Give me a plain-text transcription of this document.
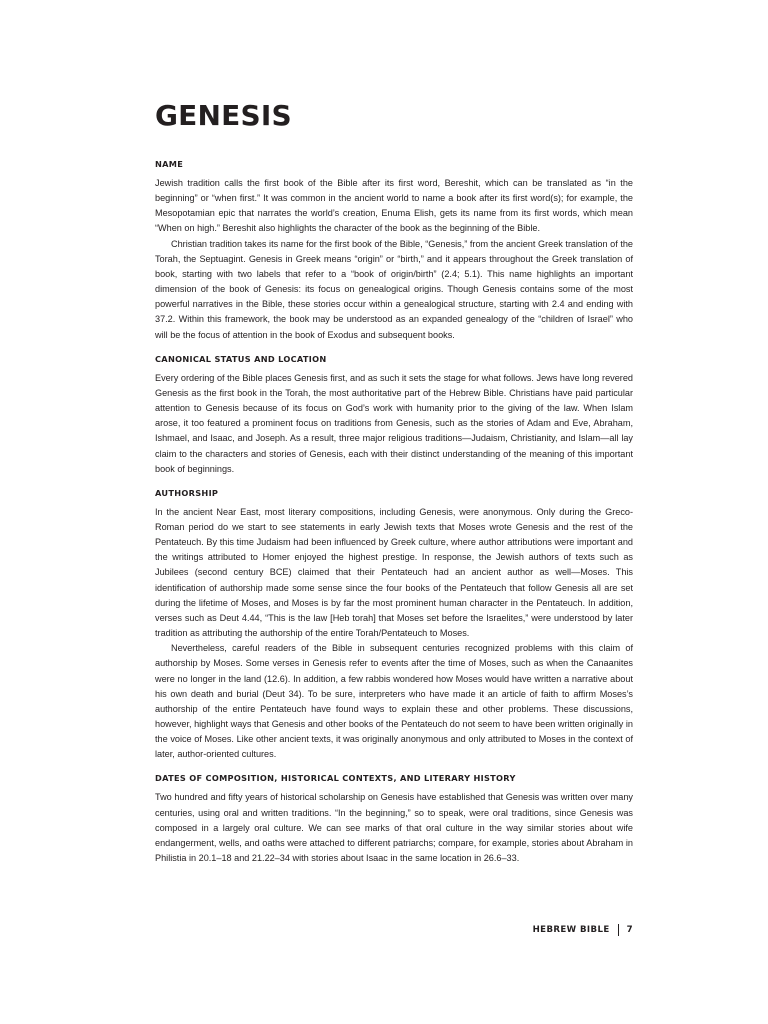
GENESIS
NAME

Jewish tradition calls the first book of the Bible after its first word, Bereshit, which can be translated as “in the beginning” or “when first.” It was common in the ancient world to name a book after its first word(s); for example, the Mesopotamian epic that narrates the world’s creation, Enuma Elish, gets its name from its first words, which mean “When on high.” Bereshit also highlights the character of the book as the beginning of the Bible.

Christian tradition takes its name for the first book of the Bible, “Genesis,” from the ancient Greek translation of the Torah, the Septuagint. Genesis in Greek means “origin” or “birth,” and it appears throughout the Greek translation of book, starting with two labels that refer to a “book of origin/birth” (2.4; 5.1). This name highlights an important dimension of the book of Genesis: its focus on genealogical origins. Though Genesis contains some of the most powerful narratives in the Bible, these stories occur within a genealogical structure, starting with 2.4 and ending with 37.2. Within this framework, the book may be understood as an expanded genealogy of the “children of Israel” who will be the focus of attention in the book of Exodus and subsequent books.

CANONICAL STATUS AND LOCATION

Every ordering of the Bible places Genesis first, and as such it sets the stage for what follows. Jews have long revered Genesis as the first book in the Torah, the most authoritative part of the Hebrew Bible. Christians have paid particular attention to Genesis because of its focus on God’s work with humanity prior to the giving of the law. When Islam arose, it too featured a prominent focus on traditions from Genesis, such as the stories of Adam and Eve, Abraham, Ishmael, and Isaac, and Joseph. As a result, three major religious traditions—Judaism, Christianity, and Islam—all lay claim to the characters and stories of Genesis, each with their distinct understanding of the meaning of this important book of beginnings.

AUTHORSHIP

In the ancient Near East, most literary compositions, including Genesis, were anonymous. Only during the Greco-Roman period do we start to see statements in early Jewish texts that Moses wrote Genesis and the rest of the Pentateuch. By this time Judaism had been influenced by Greek culture, where author attributions were important and the writings attributed to Homer enjoyed the highest prestige. In response, the Jewish authors of texts such as Jubilees (second century BCE) claimed that their Pentateuch had an ancient author as well—Moses. This identification of authorship made some sense since the four books of the Pentateuch that follow Genesis all are set during the lifetime of Moses, and Moses is by far the most prominent human character in the Pentateuch. In addition, verses such as Deut 4.44, “This is the law [Heb torah] that Moses set before the Israelites,” were understood by later tradition as attributing the authorship of the entire Torah/Pentateuch to Moses.

Nevertheless, careful readers of the Bible in subsequent centuries recognized problems with this claim of authorship by Moses. Some verses in Genesis refer to events after the time of Moses, such as when the Canaanites were no longer in the land (12.6). In addition, a few rabbis wondered how Moses would have written a narrative about his own death and burial (Deut 34). To be sure, interpreters who have made it an article of faith to affirm Moses’s authorship of the entire Pentateuch have found ways to explain these and other problems. These discussions, however, highlight ways that Genesis and other books of the Pentateuch do not seem to have been written originally in the voice of Moses. Like other ancient texts, it was originally anonymous and only attributed to Moses in the context of later, author-oriented cultures.

DATES OF COMPOSITION, HISTORICAL CONTEXTS, AND LITERARY HISTORY

Two hundred and fifty years of historical scholarship on Genesis have established that Genesis was written over many centuries, using oral and written traditions. “In the beginning,” so to speak, were oral traditions, since Genesis was composed in a largely oral culture. We can see marks of that oral culture in the way similar stories about wife endangerment, wells, and oaths were attached to different patriarchs; compare, for example, stories about Abraham in Philistia in 20.1–18 and 21.22–34 with stories about Isaac in the same location in 26.6–33.

HEBREW BIBLE 7
